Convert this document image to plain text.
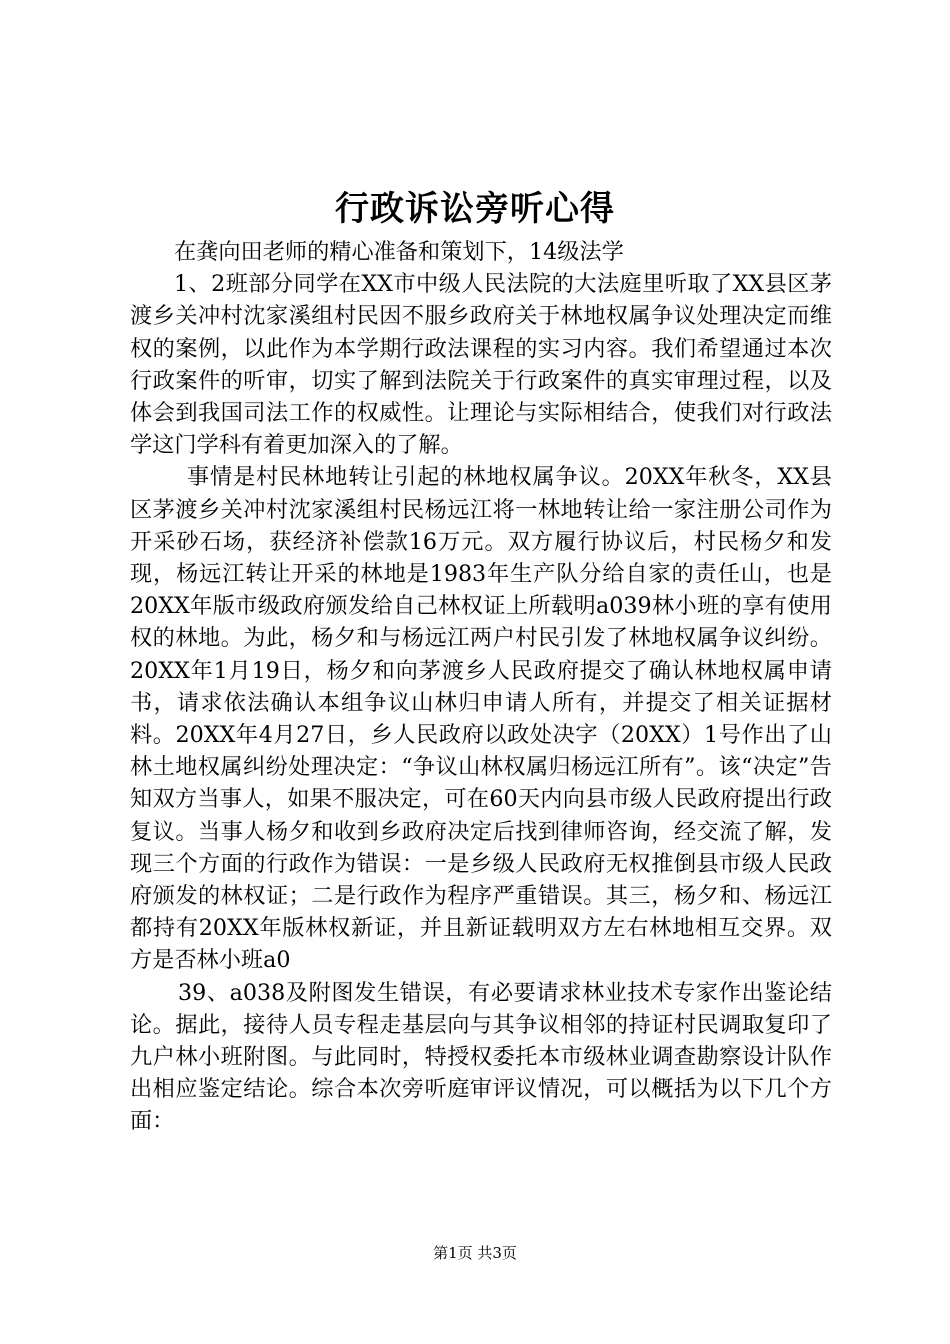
行政诉讼旁听心得

在龚向田老师的精心准备和策划下，14级法学

1、2班部分同学在XX市中级人民法院的大法庭里听取了XX县区茅渡乡关冲村沈家溪组村民因不服乡政府关于林地权属争议处理决定而维权的案例，以此作为本学期行政法课程的实习内容。我们希望通过本次行政案件的听审，切实了解到法院关于行政案件的真实审理过程，以及体会到我国司法工作的权威性。让理论与实际相结合，使我们对行政法学这门学科有着更加深入的了解。

事情是村民林地转让引起的林地权属争议。20XX年秋冬，XX县区茅渡乡关冲村沈家溪组村民杨远江将一林地转让给一家注册公司作为开采砂石场，获经济补偿款16万元。双方履行协议后，村民杨夕和发现，杨远江转让开采的林地是1983年生产队分给自家的责任山，也是20XX年版市级政府颁发给自己林权证上所载明a039林小班的享有使用权的林地。为此，杨夕和与杨远江两户村民引发了林地权属争议纠纷。20XX年1月19日，杨夕和向茅渡乡人民政府提交了确认林地权属申请书，请求依法确认本组争议山林归申请人所有，并提交了相关证据材料。20XX年4月27日，乡人民政府以政处决字（20XX）1号作出了山林土地权属纠纷处理决定：“争议山林权属归杨远江所有”。该“决定”告知双方当事人，如果不服决定，可在60天内向县市级人民政府提出行政复议。当事人杨夕和收到乡政府决定后找到律师咨询，经交流了解，发现三个方面的行政作为错误：一是乡级人民政府无权推倒县市级人民政府颁发的林权证；二是行政作为程序严重错误。其三，杨夕和、杨远江都持有20XX年版林权新证，并且新证载明双方左右林地相互交界。双方是否林小班a0

39、a038及附图发生错误，有必要请求林业技术专家作出鉴论结论。据此，接待人员专程走基层向与其争议相邻的持证村民调取复印了九户林小班附图。与此同时，特授权委托本市级林业调查勘察设计队作出相应鉴定结论。综合本次旁听庭审评议情况，可以概括为以下几个方面：

第1页 共3页
